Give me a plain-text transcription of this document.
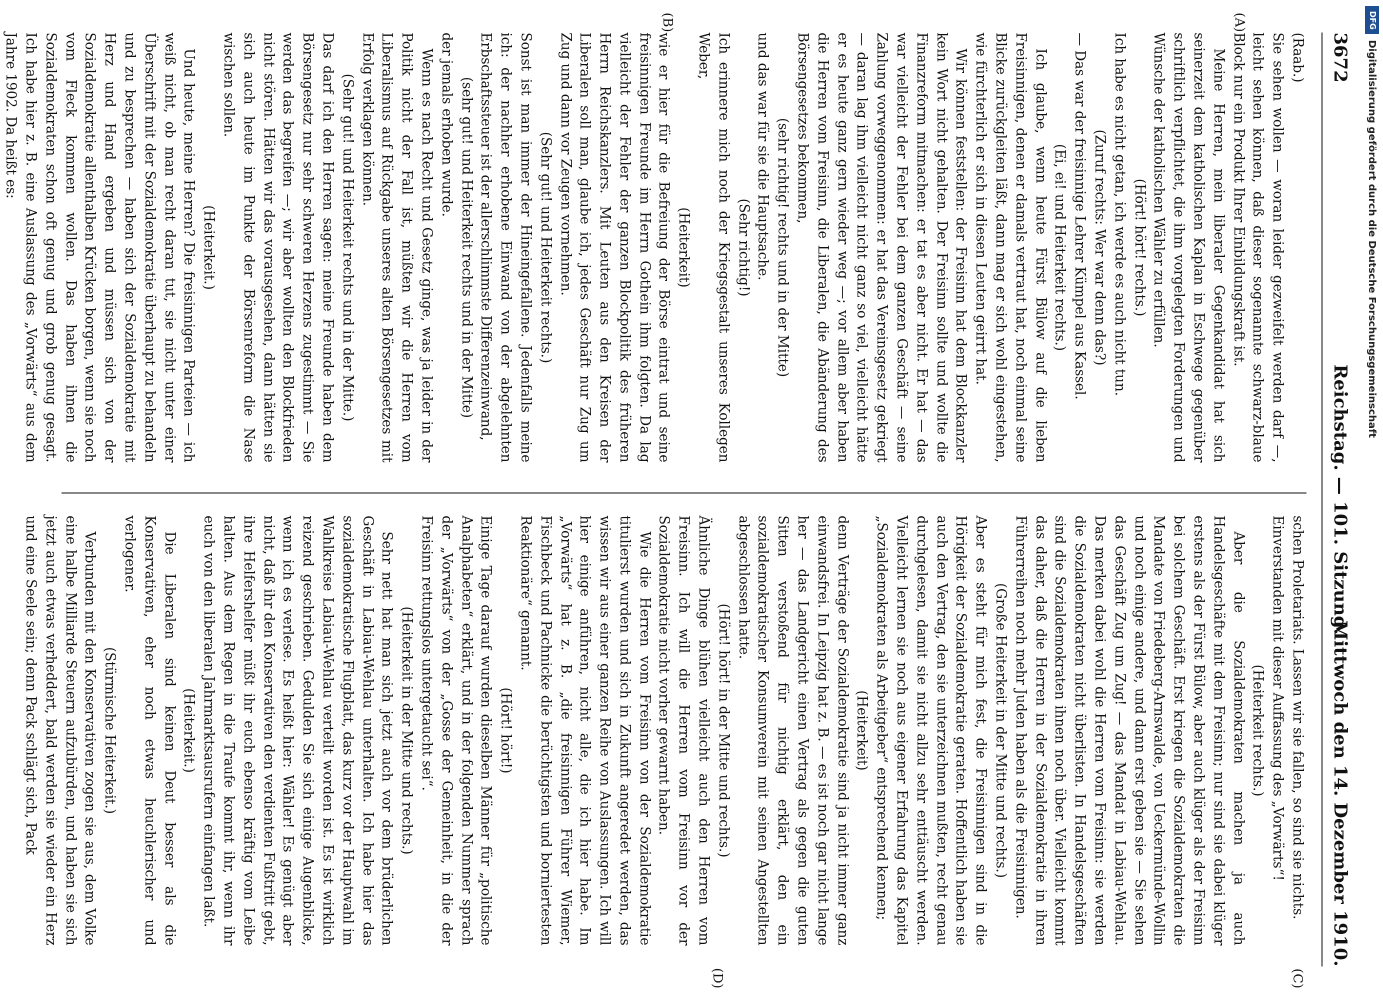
3672
Reichstag. — 101. Sitzung.
Mittwoch den 14. Dezember 1910.
(A)
(B)
(C)
(D)

(Raab.)

Sie sehen wollen — woran leider gezweifelt werden darf —, leicht sehen können, daß dieser sogenannte schwarz-blaue Block nur ein Produkt Ihrer Einbildungskraft ist.

Meine Herren, mein liberaler Gegenkandidat hat sich seinerzeit dem katholischen Kaplan in Eschwege gegenüber schriftlich verpflichtet, die ihm vorgelegten Forderungen und Wünsche der katholischen Wähler zu erfüllen.

(Hört! hört! rechts.)

Ich habe es nicht getan, ich werde es auch nicht tun.

(Zuruf rechts: Wer war denn das?)

— Das war der freisinnige Lehrer Kümpel aus Kassel.

(Ei, ei! und Heiterkeit rechts.)

Ich glaube, wenn heute Fürst Bülow auf die lieben Freisinnigen, denen er damals vertraut hat, noch einmal seine Blicke zurückgleiten läßt, dann mag er sich wohl eingestehen, wie fürchterlich er sich in diesen Leuten geirrt hat.

Wir können feststellen: der Freisinn hat dem Blockkanzler kein Wort nicht gehalten. Der Freisinn sollte und wollte die Finanzreform mitmachen: er tat es aber nicht. Er hat — das war vielleicht der Fehler bei dem ganzen Geschäft — seine Zahlung vorweggenommen: er hat das Vereinsgesetz gekriegt — daran lag ihm vielleicht nicht ganz so viel, vielleicht hätte er es heute ganz gern wieder weg —; vor allem aber haben die Herren vom Freisinn, die Liberalen, die Abänderung des Börsengesetzes bekommen,

(sehr richtig! rechts und in der Mitte)

und das war für sie die Hauptsache.

(Sehr richtig!)

Ich erinnere mich noch der Kriegsgestalt unseres Kollegen Weber,

(Heiterkeit)

wie er hier für die Befreiung der Börse eintrat und seine freisinnigen Freunde im Herrn Gothein ihm folgten. Da lag vielleicht der Fehler der ganzen Blockpolitik des früheren Herrn Reichskanzlers. Mit Leuten aus den Kreisen der Liberalen soll man, glaube ich, jedes Geschäft nur Zug um Zug und dann vor Zeugen vornehmen.

(Sehr gut! und Heiterkeit rechts.)

Sonst ist man immer der Hineingefallene. Jedenfalls meine ich: der nachher erhobene Einwand von der abgelehnten Erbschaftssteuer ist der allerschlimmste Differenzeinwand,

(sehr gut! und Heiterkeit rechts und in der Mitte)

der jemals erhoben wurde.

Wenn es nach Recht und Gesetz ginge, was ja leider in der Politik nicht der Fall ist, müßten wir die Herren vom Liberalismus auf Rückgabe unseres alten Börsengesetzes mit Erfolg verklagen können.

(Sehr gut! und Heiterkeit rechts und in der Mitte.)

Das darf ich den Herren sagen: meine Freunde haben dem Börsengesetz nur sehr schweren Herzens zugestimmt — Sie werden das begreifen —; wir aber wollten den Blockfrieden nicht stören. Hätten wir das vorausgesehen, dann hätten sie sich auch heute im Punkte der Börsenreform die Nase wischen sollen.

(Heiterkeit.)

Und heute, meine Herren? Die freisinnigen Parteien — ich weiß nicht, ob man recht daran tut, sie nicht unter einer Überschrift mit der Sozialdemokratie überhaupt zu behandeln und zu besprechen — haben sich der Sozialdemokratie mit Herz und Hand ergeben und müssen sich von der Sozialdemokratie allenthalben Krücken borgen, wenn sie noch vom Fleck kommen wollen. Das haben ihnen die Sozialdemokraten schon oft genug und grob genug gesagt. Ich habe hier z. B. eine Auslassung des „Vorwärts“ aus dem Jahre 1902. Da heißt es:

schen Proletariats. Lassen wir sie fallen, so sind sie nichts.

Einverstanden mit dieser Auffassung des „Vorwärts“!

(Heiterkeit rechts.)

Aber die Sozialdemokraten machen ja auch Handelsgeschäfte mit dem Freisinn; nur sind sie dabei klüger erstens als der Fürst Bülow, aber auch klüger als der Freisinn bei solchem Geschäft. Erst kriegen die Sozialdemokraten die Mandate von Friedeberg-Arnswalde, von Ueckermünde-Wollin und noch einige andere, und dann erst geben sie — Sie sehen das Geschäft Zug um Zug! — das Mandat in Labiau-Wehlau. Das merken dabei wohl die Herren vom Freisinn: sie werden die Sozialdemokraten nicht überlisten. In Handelsgeschäften sind die Sozialdemokraten ihnen noch über. Vielleicht kommt das daher, daß die Herren in der Sozialdemokratie in ihren Führerreihen noch mehr Juden haben als die Freisinnigen.

(Große Heiterkeit in der Mitte und rechts.)

Aber es steht für mich fest, die Freisinnigen sind in die Hörigkeit der Sozialdemokratie geraten. Hoffentlich haben sie auch den Vertrag, den sie unterzeichnen mußten, recht genau durchgelesen, damit sie nicht allzu sehr enttäuscht werden. Vielleicht lernen sie noch aus eigener Erfahrung das Kapitel „Sozialdemokraten als Arbeitgeber“ entsprechend kennen;

(Heiterkeit)

denn Verträge der Sozialdemokratie sind ja nicht immer ganz einwandsfrei. In Leipzig hat z. B. — es ist noch gar nicht lange her — das Landgericht einen Vertrag als gegen die guten Sitten verstoßend für nichtig erklärt, den ein sozialdemokratischer Konsumverein mit seinen Angestellten abgeschlossen hatte.

(Hört! hört! in der Mitte und rechts.)

Ähnliche Dinge blühen vielleicht auch den Herren vom Freisinn. Ich will die Herren vom Freisinn vor der Sozialdemokratie nicht vorher gewarnt haben.

Wie die Herren vom Freisinn von der Sozialdemokratie titulierst wurden und sich in Zukunft angeredet werden, das wissen wir aus einer ganzen Reihe von Auslassungen. Ich will hier einige anführen, nicht alle, die ich hier habe. Im „Vorwärts“ hat z. B. „die freisinnigen Führer Wiemer, Fischbeck und Pachnicke die berüchtigsten und borniertesten Reaktionäre“ genannt.

(Hört! hört!)

Einige Tage darauf wurden dieselben Männer für „politische Analphabeten“ erklärt, und in der folgenden Nummer sprach der „Vorwärts“ von der „Gosse der Gemeinheit, in die der Freisinn rettungslos untergetaucht sei“.

(Heiterkeit in der Mitte und rechts.)

Sehr nett hat man sich jetzt auch vor dem brüderlichen Geschäft in Labiau-Wehlau unterhalten. Ich habe hier das sozialdemokratische Flugblatt, das kurz vor der Hauptwahl im Wahlkreise Labiau-Wehlau verteilt worden ist. Es ist wirklich reizend geschrieben. Gedulden Sie sich einige Augenblicke, wenn ich es verlese. Es heißt hier: Wähler! Es genügt aber nicht, daß ihr den Konservativen den verdienten Fußtritt gebt, ihre Helfershelfer müßt ihr euch ebenso kräftig vom Leibe halten. Aus dem Regen in die Traufe kommt ihr, wenn ihr euch von den liberalen Jahrmarktsausrufern einfangen laßt.

(Heiterkeit.)

Die Liberalen sind keinen Deut besser als die Konservativen, eher noch etwas heuchlerischer und verlogener.

(Stürmische Heiterkeit.)

Verbunden mit den Konservativen zogen sie aus, dem Volke eine halbe Milliarde Steuern aufzubürden, und haben sie sich jetzt auch etwas verheddert, bald werden sie wieder ein Herz und eine Seele sein; denn Pack schlägt sich, Pack

DFG
Digitalisierung gefördert durch die Deutsche Forschungsgemeinschaft
